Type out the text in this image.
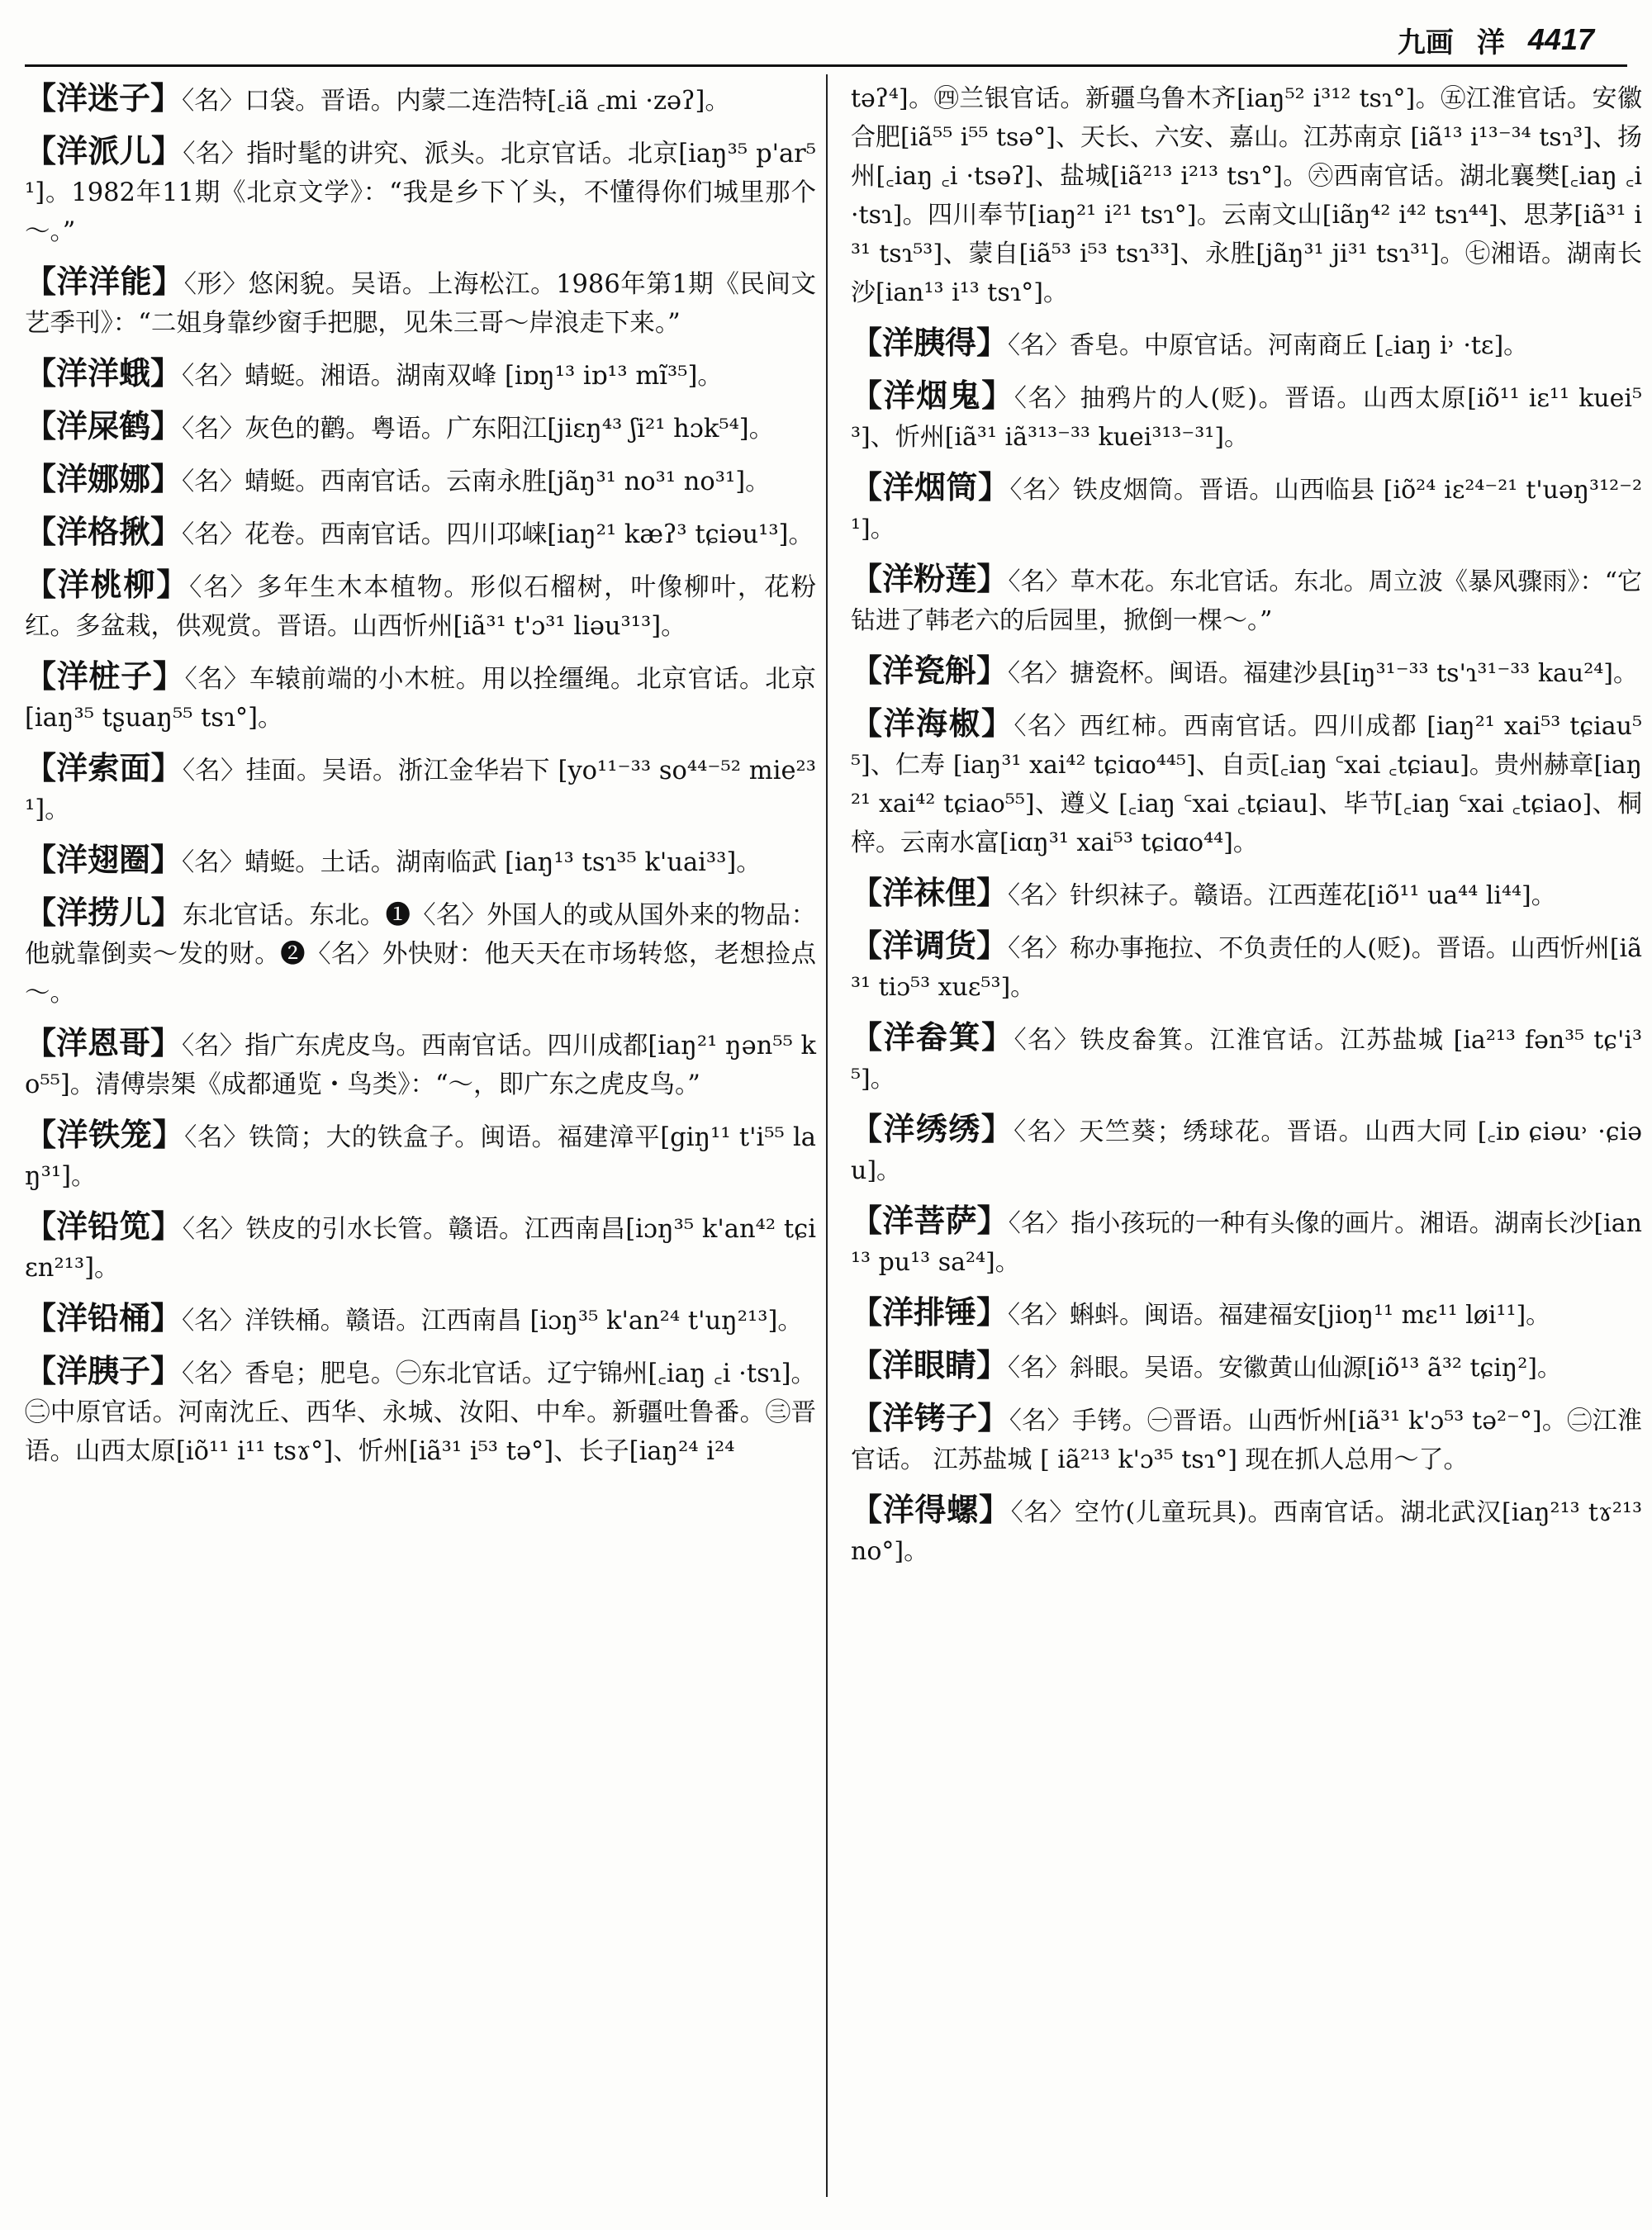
九画 洋 4417

【洋迷子】〈名〉口袋。晋语。内蒙二连浩特[꜀iã ꜀mi ·zəʔ]。

【洋派儿】〈名〉指时髦的讲究、派头。北京官话。北京[iaŋ³⁵ p'ar⁵¹]。1982年11期《北京文学》：“我是乡下丫头，不懂得你们城里那个～。”

【洋洋能】〈形〉悠闲貌。吴语。上海松江。1986年第1期《民间文艺季刊》：“二姐身靠纱窗手把腮，见朱三哥～岸浪走下来。”

【洋洋蛾】〈名〉蜻蜓。湘语。湖南双峰 [iɒŋ¹³ iɒ¹³ mĩ³⁵]。

【洋屎鹤】〈名〉灰色的鹳。粤语。广东阳江[jiɛŋ⁴³ ʃi²¹ hɔk⁵⁴]。

【洋娜娜】〈名〉蜻蜓。西南官话。云南永胜[jãŋ³¹ no³¹ no³¹]。

【洋格揪】〈名〉花卷。西南官话。四川邛崃[iaŋ²¹ kæʔ³ tɕiəu¹³]。

【洋桃柳】〈名〉多年生木本植物。形似石榴树，叶像柳叶，花粉红。多盆栽，供观赏。晋语。山西忻州[iã³¹ t'ɔ³¹ liəu³¹³]。

【洋桩子】〈名〉车辕前端的小木桩。用以拴缰绳。北京官话。北京[iaŋ³⁵ tʂuaŋ⁵⁵ tsɿ°]。

【洋索面】〈名〉挂面。吴语。浙江金华岩下 [yo¹¹⁻³³ so⁴⁴⁻⁵² mie²³¹]。

【洋翅圈】〈名〉蜻蜓。土话。湖南临武 [iaŋ¹³ tsɿ³⁵ k'uai³³]。

【洋捞儿】东北官话。东北。❶〈名〉外国人的或从国外来的物品：他就靠倒卖～发的财。❷〈名〉外快财：他天天在市场转悠，老想捡点～。

【洋恩哥】〈名〉指广东虎皮鸟。西南官话。四川成都[iaŋ²¹ ŋən⁵⁵ ko⁵⁵]。清傅崇榘《成都通览・鸟类》：“～，即广东之虎皮鸟。”

【洋铁笼】〈名〉铁筒；大的铁盒子。闽语。福建漳平[giŋ¹¹ t'i⁵⁵ laŋ³¹]。

【洋铅笕】〈名〉铁皮的引水长管。赣语。江西南昌[iɔŋ³⁵ k'an⁴² tɕiɛn²¹³]。

【洋铅桶】〈名〉洋铁桶。赣语。江西南昌 [iɔŋ³⁵ k'an²⁴ t'uŋ²¹³]。

【洋胰子】〈名〉香皂；肥皂。㊀东北官话。辽宁锦州[꜀iaŋ ꜀i ·tsɿ]。㊁中原官话。河南沈丘、西华、永城、汝阳、中牟。新疆吐鲁番。㊂晋语。山西太原[iõ¹¹ i¹¹ tsɤ°]、忻州[iã³¹ i⁵³ tə°]、长子[iaŋ²⁴ i²⁴

təʔ⁴]。㊃兰银官话。新疆乌鲁木齐[iaŋ⁵² i³¹² tsɿ°]。㊄江淮官话。安徽合肥[iã⁵⁵ i⁵⁵ tsə°]、天长、六安、嘉山。江苏南京 [iã¹³ i¹³⁻³⁴ tsɿ³]、扬州[꜀iaŋ ꜀i ·tsəʔ]、盐城[iã²¹³ i²¹³ tsɿ°]。㊅西南官话。湖北襄樊[꜀iaŋ ꜀i ·tsɿ]。四川奉节[iaŋ²¹ i²¹ tsɿ°]。云南文山[iãŋ⁴² i⁴² tsɿ⁴⁴]、思茅[iã³¹ i³¹ tsɿ⁵³]、蒙自[iã⁵³ i⁵³ tsɿ³³]、永胜[jãŋ³¹ ji³¹ tsɿ³¹]。㊆湘语。湖南长沙[ian¹³ i¹³ tsɿ°]。

【洋胰得】〈名〉香皂。中原官话。河南商丘 [꜀iaŋ i˒ ·tɛ]。

【洋烟鬼】〈名〉抽鸦片的人(贬)。晋语。山西太原[iõ¹¹ iɛ¹¹ kuei⁵³]、忻州[iã³¹ iã³¹³⁻³³ kuei³¹³⁻³¹]。

【洋烟筒】〈名〉铁皮烟筒。晋语。山西临县 [iõ²⁴ iɛ²⁴⁻²¹ t'uəŋ³¹²⁻²¹]。

【洋粉莲】〈名〉草木花。东北官话。东北。周立波《暴风骤雨》：“它钻进了韩老六的后园里，掀倒一棵～。”

【洋瓷斛】〈名〉搪瓷杯。闽语。福建沙县[iŋ³¹⁻³³ ts'ɿ³¹⁻³³ kau²⁴]。

【洋海椒】〈名〉西红柿。西南官话。四川成都 [iaŋ²¹ xai⁵³ tɕiau⁵⁵]、仁寿 [iaŋ³¹ xai⁴² tɕiɑo⁴⁴⁵]、自贡[꜀iaŋ ꜂xai ꜀tɕiau]。贵州赫章[iaŋ²¹ xai⁴² tɕiao⁵⁵]、遵义 [꜀iaŋ ꜂xai ꜀tɕiau]、毕节[꜀iaŋ ꜂xai ꜀tɕiao]、桐梓。云南水富[iɑŋ³¹ xai⁵³ tɕiɑo⁴⁴]。

【洋袜俚】〈名〉针织袜子。赣语。江西莲花[iõ¹¹ ua⁴⁴ li⁴⁴]。

【洋调货】〈名〉称办事拖拉、不负责任的人(贬)。晋语。山西忻州[iã³¹ tiɔ⁵³ xuɛ⁵³]。

【洋畚箕】〈名〉铁皮畚箕。江淮官话。江苏盐城 [ia²¹³ fən³⁵ tɕ'i³⁵]。

【洋绣绣】〈名〉天竺葵；绣球花。晋语。山西大同 [꜀iɒ ɕiəu˒ ·ɕiəu]。

【洋菩萨】〈名〉指小孩玩的一种有头像的画片。湘语。湖南长沙[ian¹³ pu¹³ sa²⁴]。

【洋排锤】〈名〉蝌蚪。闽语。福建福安[jioŋ¹¹ mɛ¹¹ løi¹¹]。

【洋眼睛】〈名〉斜眼。吴语。安徽黄山仙源[iõ¹³ ã³² tɕiŋ²]。

【洋铐子】〈名〉手铐。㊀晋语。山西忻州[iã³¹ k'ɔ⁵³ tə²⁻°]。㊁江淮官话。 江苏盐城 [ iã²¹³ k'ɔ³⁵ tsɿ°] 现在抓人总用～了。

【洋得螺】〈名〉空竹(儿童玩具)。西南官话。湖北武汉[iaŋ²¹³ tɤ²¹³ no°]。
